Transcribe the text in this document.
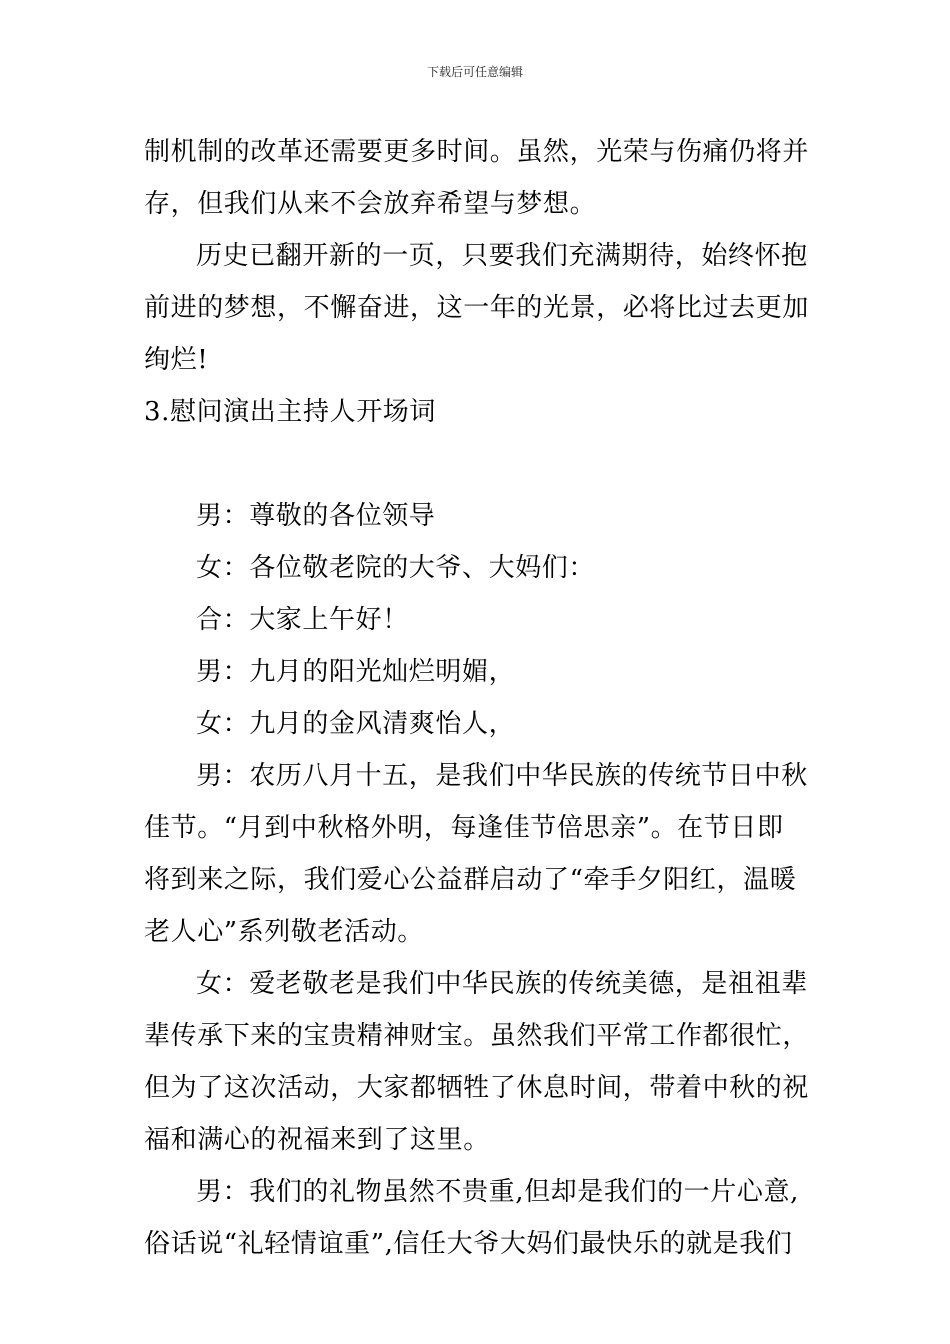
下载后可任意编辑
制机制的改革还需要更多时间。虽然，光荣与伤痛仍将并
存，但我们从来不会放弃希望与梦想。
历史已翻开新的一页，只要我们充满期待，始终怀抱
前进的梦想，不懈奋进，这一年的光景，必将比过去更加
绚烂!
3.慰问演出主持人开场词
男：尊敬的各位领导
女：各位敬老院的大爷、大妈们：
合：大家上午好！
男：九月的阳光灿烂明媚，
女：九月的金风清爽怡人，
男：农历八月十五，是我们中华民族的传统节日中秋
佳节。“月到中秋格外明，每逢佳节倍思亲”。在节日即
将到来之际，我们爱心公益群启动了“牵手夕阳红，温暖
老人心”系列敬老活动。
女：爱老敬老是我们中华民族的传统美德，是祖祖辈
辈传承下来的宝贵精神财宝。虽然我们平常工作都很忙，
但为了这次活动，大家都牺牲了休息时间，带着中秋的祝
福和满心的祝福来到了这里。
男：我们的礼物虽然不贵重,但却是我们的一片心意,
俗话说“礼轻情谊重”,信任大爷大妈们最快乐的就是我们
